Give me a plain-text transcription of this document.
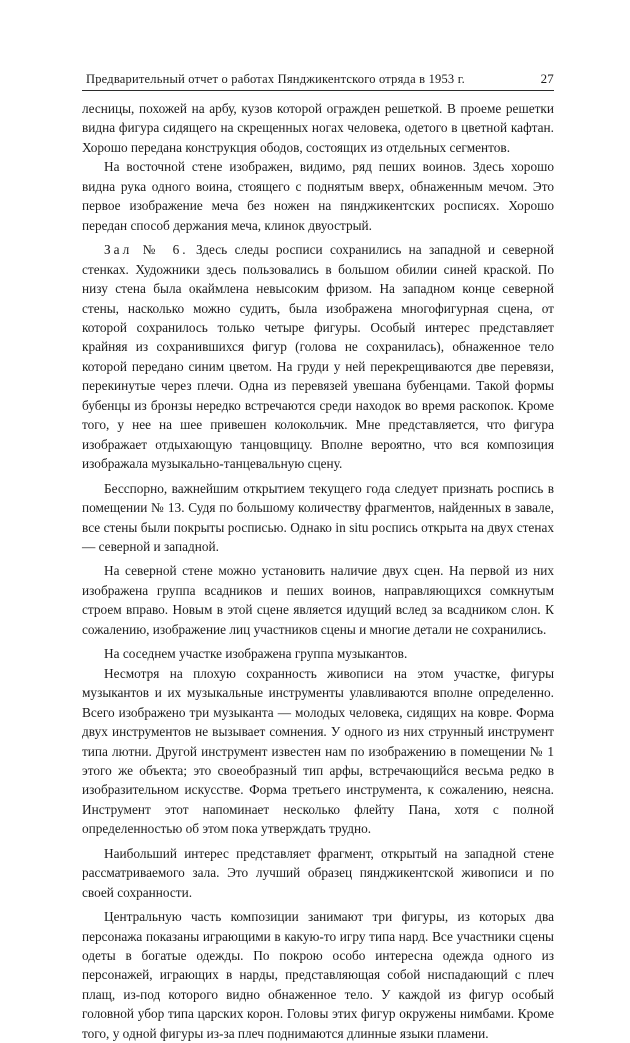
Предварительный отчет о работах Пянджикентского отряда в 1953 г.	27

лесницы, похожей на арбу, кузов которой огражден решеткой. В проеме решетки видна фигура сидящего на скрещенных ногах человека, одетого в цветной кафтан. Хорошо передана конструкция ободов, состоящих из отдельных сегментов.

На восточной стене изображен, видимо, ряд пеших воинов. Здесь хорошо видна рука одного воина, стоящего с поднятым вверх, обнаженным мечом. Это первое изображение меча без ножен на пянджикентских росписях. Хорошо передан способ держания меча, клинок двуострый.

Зал № 6. Здесь следы росписи сохранились на западной и северной стенках. Художники здесь пользовались в большом обилии синей краской. По низу стена была окаймлена невысоким фризом. На западном конце северной стены, насколько можно судить, была изображена многофигурная сцена, от которой сохранилось только четыре фигуры. Особый интерес представляет крайняя из сохранившихся фигур (голова не сохранилась), обнаженное тело которой передано синим цветом. На груди у ней перекрещиваются две перевязи, перекинутые через плечи. Одна из перевязей увешана бубенцами. Такой формы бубенцы из бронзы нередко встречаются среди находок во время раскопок. Кроме того, у нее на шее привешен колокольчик. Мне представляется, что фигура изображает отдыхающую танцовщицу. Вполне вероятно, что вся композиция изображала музыкально-танцевальную сцену.

Бесспорно, важнейшим открытием текущего года следует признать роспись в помещении № 13. Судя по большому количеству фрагментов, найденных в завале, все стены были покрыты росписью. Однако in situ роспись открыта на двух стенах — северной и западной.

На северной стене можно установить наличие двух сцен. На первой из них изображена группа всадников и пеших воинов, направляющихся сомкнутым строем вправо. Новым в этой сцене является идущий вслед за всадником слон. К сожалению, изображение лиц участников сцены и многие детали не сохранились.

На соседнем участке изображена группа музыкантов.

Несмотря на плохую сохранность живописи на этом участке, фигуры музыкантов и их музыкальные инструменты улавливаются вполне определенно. Всего изображено три музыканта — молодых человека, сидящих на ковре. Форма двух инструментов не вызывает сомнения. У одного из них струнный инструмент типа лютни. Другой инструмент известен нам по изображению в помещении № 1 этого же объекта; это своеобразный тип арфы, встречающийся весьма редко в изобразительном искусстве. Форма третьего инструмента, к сожалению, неясна. Инструмент этот напоминает несколько флейту Пана, хотя с полной определенностью об этом пока утверждать трудно.

Наибольший интерес представляет фрагмент, открытый на западной стене рассматриваемого зала. Это лучший образец пянджикентской живописи и по своей сохранности.

Центральную часть композиции занимают три фигуры, из которых два персонажа показаны играющими в какую-то игру типа нард. Все участники сцены одеты в богатые одежды. По покрою особо интересна одежда одного из персонажей, играющих в нарды, представляющая собой ниспадающий с плеч плащ, из-под которого видно обнаженное тело. У каждой из фигур особый головной убор типа царских корон. Головы этих фигур окружены нимбами. Кроме того, у одной фигуры из-за плеч поднимаются длинные языки пламени.
